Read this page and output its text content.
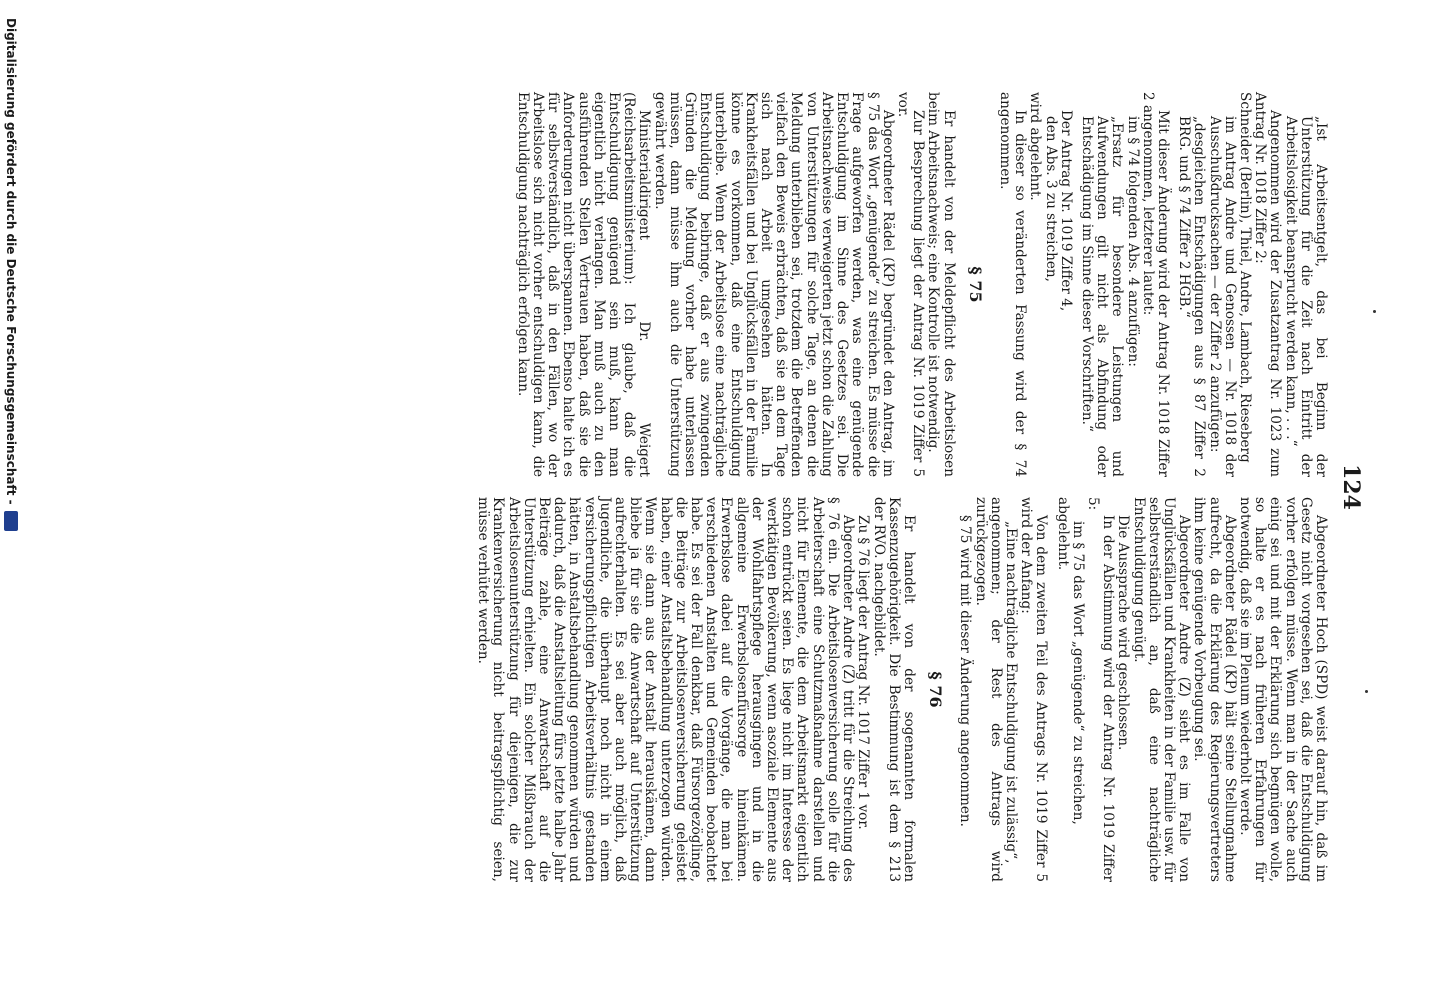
124

„Ist Arbeitsentgelt, das bei Beginn der Unterstützung für die Zeit nach Eintritt der Arbeitslosigkeit beansprucht werden kann, . . .“

Angenommen wird der Zusatzantrag Nr. 1023 zum Antrag Nr. 1018 Ziffer 2:

Schneider (Berlin), Thiel, Andre, Lambach, Rieseberg

im Antrag Andre und Genossen — Nr. 1018 der Ausschußdrucksachen — der Ziffer 2 anzufügen:

„desgleichen Entschädigungen aus § 87 Ziffer 2 BRG. und § 74 Ziffer 2 HGB.“

Mit dieser Änderung wird der Antrag Nr. 1018 Ziffer 2 angenommen, letzterer lautet:

im § 74 folgenden Abs. 4 anzufügen:

„Ersatz für besondere Leistungen und Aufwendungen gilt nicht als Abfindung oder Entschädigung im Sinne dieser Vorschriften.“

Der Antrag Nr. 1019 Ziffer 4,

den Abs. 3 zu streichen,

wird abgelehnt.

In dieser so veränderten Fassung wird der § 74 angenommen.

§ 75

Er handelt von der Meldepflicht des Arbeitslosen beim Arbeitsnachweis; eine Kontrolle ist notwendig.

Zur Besprechung liegt der Antrag Nr. 1019 Ziffer 5 vor.

Abgeordneter Rädel (KP) begründet den Antrag, im § 75 das Wort „genügende“ zu streichen. Es müsse die Frage aufgeworfen werden, was eine genügende Entschuldigung im Sinne des Gesetzes sei. Die Arbeitsnachweise verweigerten jetzt schon die Zahlung von Unterstützungen für solche Tage, an denen die Meldung unterblieben sei, trotzdem die Betreffenden vielfach den Beweis erbrächten, daß sie an dem Tage sich nach Arbeit umgesehen hätten. In Krankheitsfällen und bei Unglücksfällen in der Familie könne es vorkommen, daß eine Entschuldigung unterbleibe. Wenn der Arbeitslose eine nachträgliche Entschuldigung beibringe, daß er aus zwingenden Gründen die Meldung vorher habe unterlassen müssen, dann müsse ihm auch die Unterstützung gewährt werden.

Ministerialdirigent Dr. Weigert (Reichsarbeitsministerium): Ich glaube, daß die Entschuldigung genügend sein muß, kann man eigentlich nicht verlangen. Man muß auch zu den ausführenden Stellen Vertrauen haben, daß sie die Anforderungen nicht überspannen. Ebenso halte ich es für selbstverständlich, daß in den Fällen, wo der Arbeitslose sich nicht vorher entschuldigen kann, die Entschuldigung nachträglich erfolgen kann.

Abgeordneter Hoch (SPD) weist darauf hin, daß im Gesetz nicht vorgesehen sei, daß die Entschuldigung vorher erfolgen müsse. Wenn man in der Sache auch einig sei und mit der Erklärung sich begnügen wolle, so halte er es nach früheren Erfahrungen für notwendig, daß sie im Plenum wiederholt werde.

Abgeordneter Rädel (KP) hält seine Stellungnahme aufrecht, da die Erklärung des Regierungsvertreters ihm keine genügende Vorbeugung sei.

Abgeordneter Andre (Z) sieht es im Falle von Unglücksfällen und Krankheiten in der Familie usw. für selbstverständlich an, daß eine nachträgliche Entschuldigung genügt.

Die Aussprache wird geschlossen.

In der Abstimmung wird der Antrag Nr. 1019 Ziffer 5:

im § 75 das Wort „genügende“ zu streichen,

abgelehnt.

Von dem zweiten Teil des Antrags Nr. 1019 Ziffer 5 wird der Anfang:

„Eine nachträgliche Entschuldigung ist zulässig“,

angenommen; der Rest des Antrags wird zurückgezogen.

§ 75 wird mit dieser Änderung angenommen.

§ 76

Er handelt von der sogenannten formalen Kassenzugehörigkeit. Die Bestimmung ist dem § 213 der RVO. nachgebildet.

Zu § 76 liegt der Antrag Nr. 1017 Ziffer 1 vor.

Abgeordneter Andre (Z) tritt für die Streichung des § 76 ein. Die Arbeitslosenversicherung solle für die Arbeiterschaft eine Schutzmaßnahme darstellen und nicht für Elemente, die dem Arbeitsmarkt eigentlich schon entrückt seien. Es liege nicht im Interesse der werktätigen Bevölkerung, wenn asoziale Elemente aus der Wohlfahrtspflege herausgingen und in die allgemeine Erwerbslosenfürsorge hineinkämen. Erwerbslose dabei auf die Vorgänge, die man bei verschiedenen Anstalten und Gemeinden beobachtet habe. Es sei der Fall denkbar, daß Fürsorgezöglinge, die Beiträge zur Arbeitslosenversicherung geleistet haben, einer Anstaltsbehandlung unterzogen würden. Wenn sie dann aus der Anstalt herauskämen, dann bliebe ja für sie die Anwartschaft auf Unterstützung aufrechterhalten. Es sei aber auch möglich, daß Jugendliche, die überhaupt noch nicht in einem versicherungspflichtigen Arbeitsverhältnis gestanden hätten, in Anstaltsbehandlung genommen würden und dadurch, daß die Anstaltsleitung fürs letzte halbe Jahr Beiträge zahle, eine Anwartschaft auf die Unterstützung erhielten. Ein solcher Mißbrauch der Arbeitslosenunterstützung für diejenigen, die zur Krankenversicherung nicht beitragspflichtig seien, müsse verhütet werden.

Digitalisierung gefördert durch die Deutsche Forschungsgemeinschaft -
